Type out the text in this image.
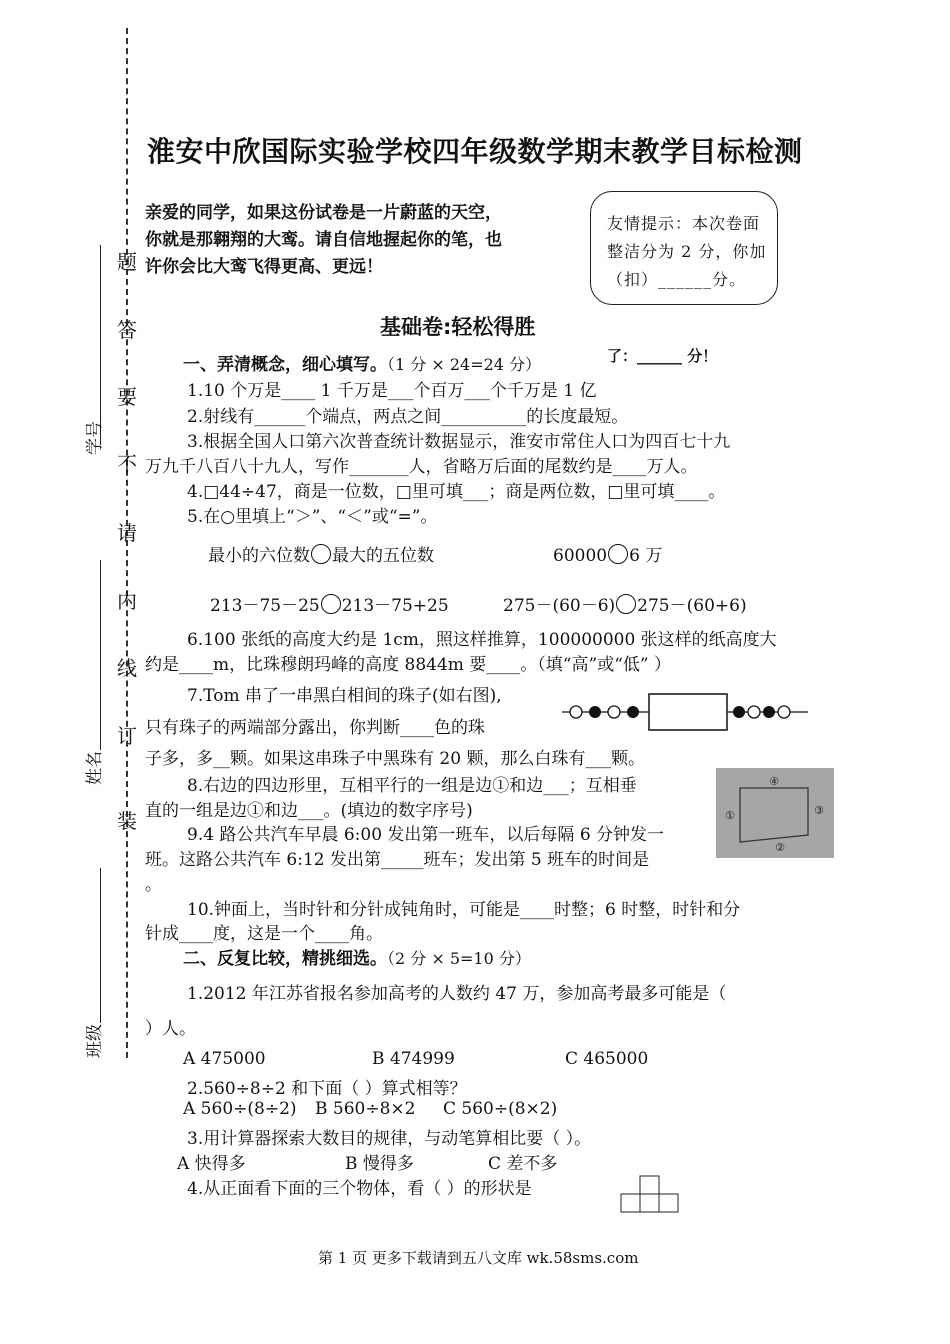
题
答
要
不
请
内
线
订
装
学号
姓名
班级
淮安中欣国际实验学校四年级数学期末教学目标检测
亲爱的同学，如果这份试卷是一片蔚蓝的天空，你就是那翱翔的大鸾。请自信地握起你的笔，也许你会比大鸾飞得更高、更远！
友情提示：本次卷面整洁分为 2 分，你加（扣）______分。
了：______ 分！
基础卷:轻松得胜
一、弄清概念，细心填写。（1 分 × 24=24 分）
1.10 个万是____ 1 千万是___个百万___个千万是 1 亿
2.射线有______个端点，两点之间__________的长度最短。
3.根据全国人口第六次普查统计数据显示，淮安市常住人口为四百七十九
万九千八百八十九人，写作_______人，省略万后面的尾数约是____万人。
4.□44÷47，商是一位数，□里可填___；商是两位数，□里可填____。
5.在○里填上“＞”、“＜”或“=”。
最小的六位数 最大的五位数	60000 6 万
213－75－25 213－75+25	275－(60－6) 275－(60+6)
6.100 张纸的高度大约是 1cm，照这样推算，100000000 张这样的纸高度大
约是____m，比珠穆朗玛峰的高度 8844m 要____。（填“高”或“低” ）
7.Tom 串了一串黑白相间的珠子(如右图),
只有珠子的两端部分露出，你判断____色的珠
子多，多__颗。如果这串珠子中黑珠有 20 颗，那么白珠有___颗。
8.右边的四边形里，互相平行的一组是边①和边___；互相垂
直的一组是边①和边___。(填边的数字序号)
④
①	③
②
9.4 路公共汽车早晨 6:00 发出第一班车，以后每隔 6 分钟发一
班。这路公共汽车 6:12 发出第_____班车；发出第 5 班车的时间是
。
10.钟面上，当时针和分针成钝角时，可能是____时整；6 时整，时针和分
针成____度，这是一个____角。
二、反复比较，精挑细选。（2 分 × 5=10 分）
1.2012 年江苏省报名参加高考的人数约 47 万，参加高考最多可能是（
）人。
A 475000	B 474999	C 465000
2.560÷8÷2 和下面（ ）算式相等？
A 560÷(8÷2) B 560÷8×2 C 560÷(8×2)
3.用计算器探索大数目的规律，与动笔算相比要（ ）。
A 快得多	B 慢得多	C 差不多
4.从正面看下面的三个物体，看（ ）的形状是
第 1 页 更多下载请到五八文库 wk.58sms.com
